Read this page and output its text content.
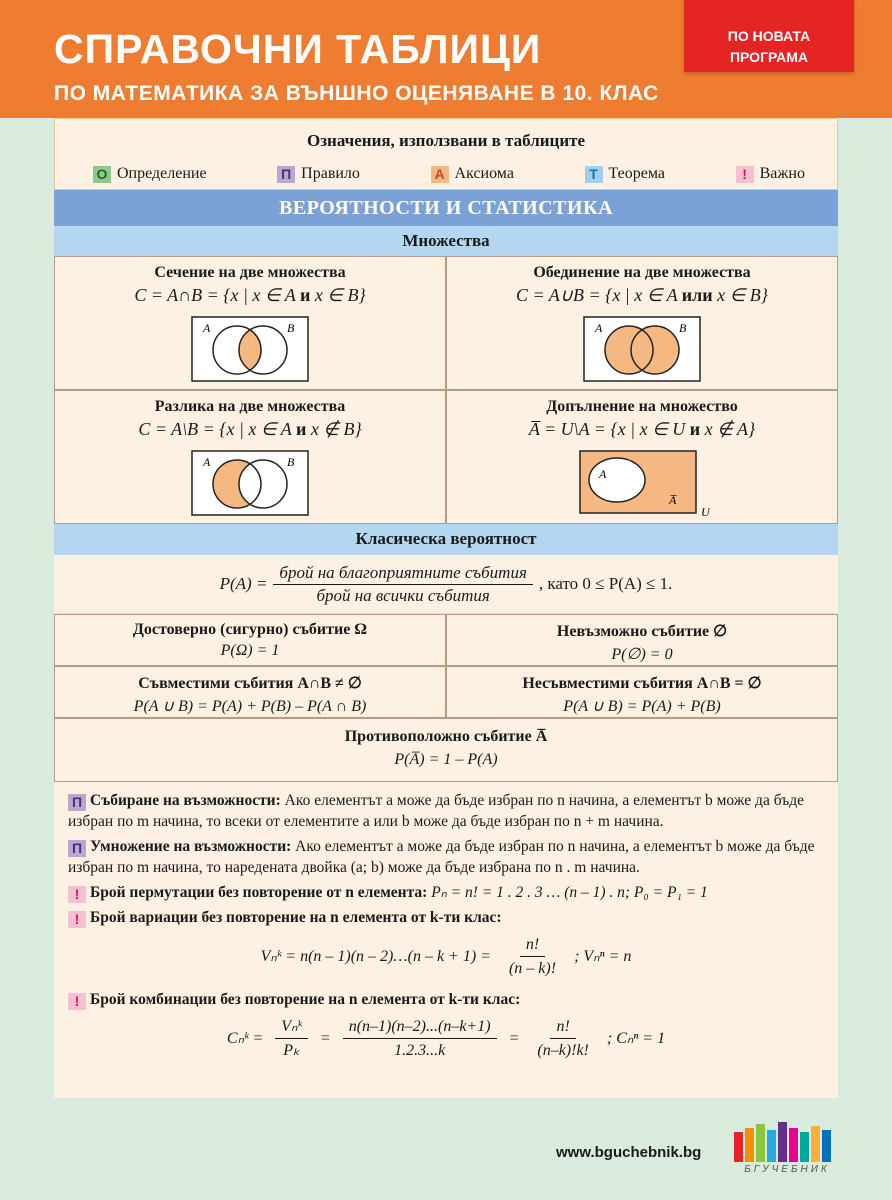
СПРАВОЧНИ ТАБЛИЦИ
ПО МАТЕМАТИКА ЗА ВЪНШНО ОЦЕНЯВАНЕ В 10. КЛАС
ПО НОВАТА
ПРОГРАМА
Означения, използвани в таблиците
О Определение	П Правило	А Аксиома	Т Теорема	! Важно
ВЕРОЯТНОСТИ И СТАТИСТИКА
Множества
Сечение на две множества
C = A∩B = {x | x ∈ A и x ∈ B}
A	B
Обединение на две множества
C = A∪B = {x | x ∈ A или x ∈ B}
A	B
Разлика на две множества
C = A\B = {x | x ∈ A и x ∉ B}
A	B
Допълнение на множество
A̅ = U\A = {x | x ∈ U и x ∉ A}
A
A̅
U
Класическа вероятност
$P(A) = \frac{\text{брой на благоприятните събития}}{\text{брой на всички събития}}$ , като 0 ≤ P(A) ≤ 1.
Достоверно (сигурно) събитие Ω
P(Ω) = 1
Невъзможно събитие ∅
P(∅) = 0
Съвместими събития A∩B ≠ ∅
P(A ∪ B) = P(A) + P(B) – P(A ∩ B)
Несъвместими събития A∩B = ∅
P(A ∪ B) = P(A) + P(B)
Противоположно събитие A̅
P(A̅) = 1 – P(A)
П Събиране на възможности: Ако елементът a може да бъде избран по n начина, а елементът b може да бъде избран по m начина, то всеки от елементите a или b може да бъде избран по n + m начина.
П Умножение на възможности: Ако елементът a може да бъде избран по n начина, а елементът b може да бъде избран по m начина, то наредената двойка (a; b) може да бъде избрана по n . m начина.
! Брой пермутации без повторение от n елемента: Pₙ = n! = 1 . 2 . 3 … (n – 1) . n; P₀ = P₁ = 1
! Брой вариации без повторение на n елемента от k-ти клас:
Vₙᵏ = n(n – 1)(n – 2)…(n – $k + 1) = \frac{n!}{(n - k)!}$ ; Vₙⁿ = n
! Брой комбинации без повторение на n елемента от k-ти клас:
Cₙᵏ = $\frac{\text{Vₙᵏ}}{\text{Pₖ}} = \frac{n(n-1)(n-2)...(n-k+1)}{1.2.3...k} = \frac{n!}{(n-k)!k!}$ ; Cₙⁿ = 1
www.bguchebnik.bg
БГУЧЕБНИК
